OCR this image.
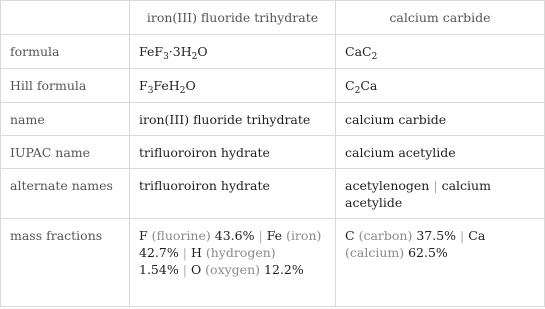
	iron(III) fluoride trihydrate	calcium carbide
formula	$FeF_3\cdot 3H_2O$	CaC$_2$
Hill formula	$F_3FeH_2O$	$C_2Ca$
name	iron(III) fluoride trihydrate	calcium carbide
IUPAC name	trifluoroiron hydrate	calcium acetylide
alternate names	trifluoroiron hydrate	acetylenogen | calcium acetylide
mass fractions	F (fluorine) 43.6% | Fe (iron) 42.7% | H (hydrogen) 1.54% | O (oxygen) 12.2%	C (carbon) 37.5% | Ca (calcium) 62.5%
